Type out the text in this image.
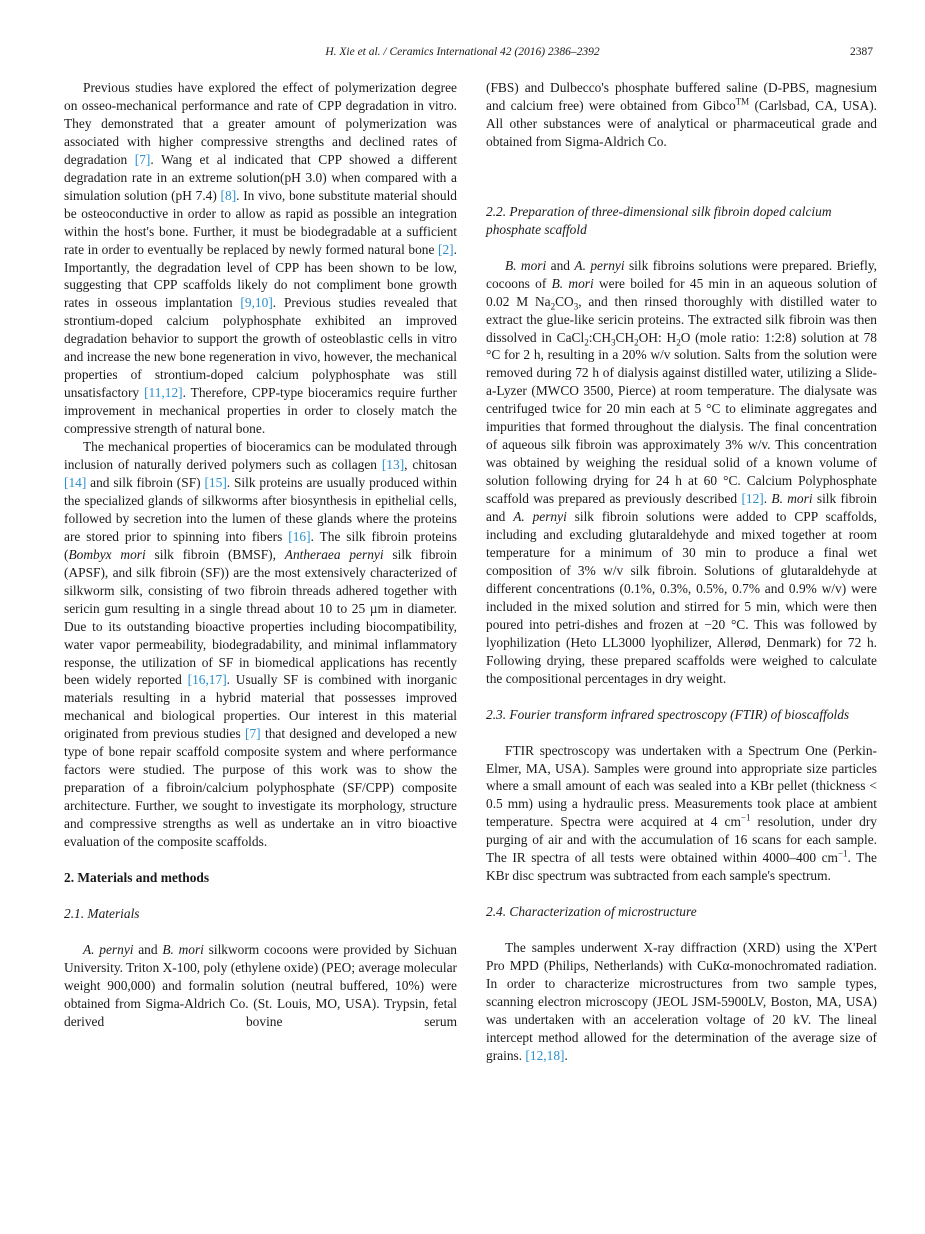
H. Xie et al. / Ceramics International 42 (2016) 2386–2392	2387

Previous studies have explored the effect of polymerization degree on osseo-mechanical performance and rate of CPP degradation in vitro. They demonstrated that a greater amount of polymerization was associated with higher compressive strengths and declined rates of degradation [7]. Wang et al indicated that CPP showed a different degradation rate in an extreme solution(pH 3.0) when compared with a simulation solution (pH 7.4) [8]. In vivo, bone substitute material should be osteoconductive in order to allow as rapid as possible an integration within the host's bone. Further, it must be biodegradable at a sufficient rate in order to eventually be replaced by newly formed natural bone [2]. Importantly, the degradation level of CPP has been shown to be low, suggesting that CPP scaffolds likely do not compliment bone growth rates in osseous implantation [9,10]. Previous studies revealed that strontium-doped calcium polyphosphate exhibited an improved degradation behavior to support the growth of osteoblastic cells in vitro and increase the new bone regeneration in vivo, however, the mechanical properties of strontium-doped calcium polyphosphate was still unsatisfactory [11,12]. Therefore, CPP-type bioceramics require further improvement in mechanical properties in order to closely match the compressive strength of natural bone.

The mechanical properties of bioceramics can be modulated through inclusion of naturally derived polymers such as collagen [13], chitosan [14] and silk fibroin (SF) [15]. Silk proteins are usually produced within the specialized glands of silkworms after biosynthesis in epithelial cells, followed by secretion into the lumen of these glands where the proteins are stored prior to spinning into fibers [16]. The silk fibroin proteins (Bombyx mori silk fibroin (BMSF), Antheraea pernyi silk fibroin (APSF), and silk fibroin (SF)) are the most extensively characterized of silkworm silk, consisting of two fibroin threads adhered together with sericin gum resulting in a single thread about 10 to 25 µm in diameter. Due to its outstanding bioactive properties including biocompatibility, water vapor permeability, biodegradability, and minimal inflammatory response, the utilization of SF in biomedical applications has recently been widely reported [16,17]. Usually SF is combined with inorganic materials resulting in a hybrid material that possesses improved mechanical and biological properties. Our interest in this material originated from previous studies [7] that designed and developed a new type of bone repair scaffold composite system and where performance factors were studied. The purpose of this work was to show the preparation of a fibroin/calcium polyphosphate (SF/CPP) composite architecture. Further, we sought to investigate its morphology, structure and compressive strengths as well as undertake an in vitro bioactive evaluation of the composite scaffolds.

2. Materials and methods
2.1. Materials

A. pernyi and B. mori silkworm cocoons were provided by Sichuan University. Triton X-100, poly (ethylene oxide) (PEO; average molecular weight 900,000) and formalin solution (neutral buffered, 10%) were obtained from Sigma-Aldrich Co. (St. Louis, MO, USA). Trypsin, fetal derived bovine serum

(FBS) and Dulbecco's phosphate buffered saline (D-PBS, magnesium and calcium free) were obtained from Gibco™ (Carlsbad, CA, USA). All other substances were of analytical or pharmaceutical grade and obtained from Sigma-Aldrich Co.

2.2. Preparation of three-dimensional silk fibroin doped calcium phosphate scaffold

B. mori and A. pernyi silk fibroins solutions were prepared. Briefly, cocoons of B. mori were boiled for 45 min in an aqueous solution of 0.02 M $Na_2CO_3$, and then rinsed thoroughly with distilled water to extract the glue-like sericin proteins. The extracted silk fibroin was then dissolved in $CaCl_2:CH_3CH_2OH$: $H_2O$ (mole ratio: 1:2:8) solution at 78 °C for 2 h, resulting in a 20% w/v solution. Salts from the solution were removed during 72 h of dialysis against distilled water, utilizing a Slide-a-Lyzer (MWCO 3500, Pierce) at room temperature. The dialysate was centrifuged twice for 20 min each at 5 °C to eliminate aggregates and impurities that formed throughout the dialysis. The final concentration of aqueous silk fibroin was approximately 3% w/v. This concentration was obtained by weighing the residual solid of a known volume of solution following drying for 24 h at 60 °C. Calcium Polyphosphate scaffold was prepared as previously described [12]. B. mori silk fibroin and A. pernyi silk fibroin solutions were added to CPP scaffolds, including and excluding glutaraldehyde and mixed together at room temperature for a minimum of 30 min to produce a final wet composition of 3% w/v silk fibroin. Solutions of glutaraldehyde at different concentrations (0.1%, 0.3%, 0.5%, 0.7% and 0.9% w/v) were included in the mixed solution and stirred for 5 min, which were then poured into petri-dishes and frozen at −20 °C. This was followed by lyophilization (Heto LL3000 lyophilizer, Allerød, Denmark) for 72 h. Following drying, these prepared scaffolds were weighed to calculate the compositional percentages in dry weight.

2.3. Fourier transform infrared spectroscopy (FTIR) of bioscaffolds

FTIR spectroscopy was undertaken with a Spectrum One (Perkin-Elmer, MA, USA). Samples were ground into appropriate size particles where a small amount of each was sealed into a KBr pellet (thickness < 0.5 mm) using a hydraulic press. Measurements took place at ambient temperature. Spectra were acquired at 4 $cm^{-1}$ resolution, under dry purging of air and with the accumulation of 16 scans for each sample. The IR spectra of all tests were obtained within 4000–400 $cm^{-1}$. The KBr disc spectrum was subtracted from each sample's spectrum.

2.4. Characterization of microstructure

The samples underwent X-ray diffraction (XRD) using the X'Pert Pro MPD (Philips, Netherlands) with CuKα-monochromated radiation. In order to characterize microstructures from two sample types, scanning electron microscopy (JEOL JSM-5900LV, Boston, MA, USA) was undertaken with an acceleration voltage of 20 kV. The lineal intercept method allowed for the determination of the average size of grains. [12,18].
